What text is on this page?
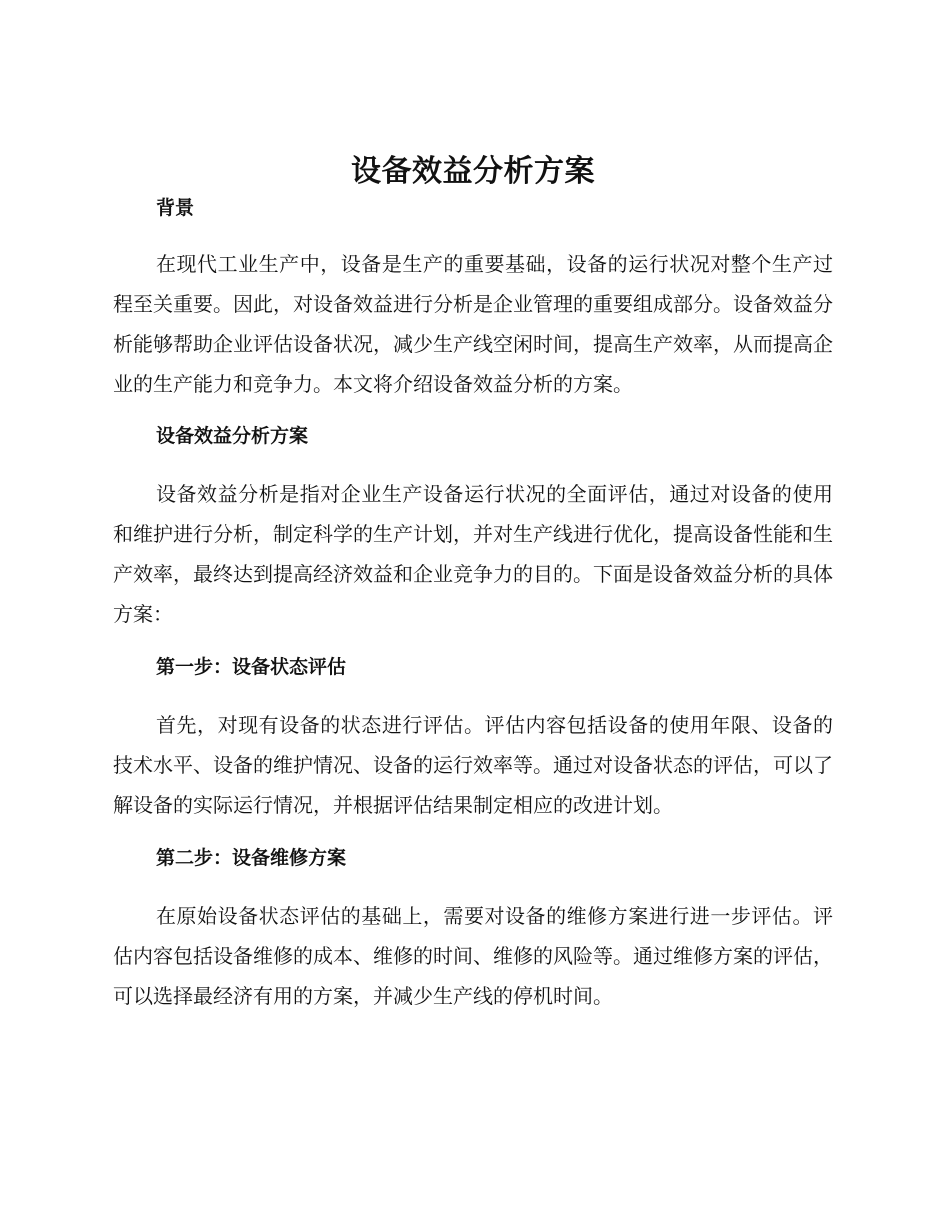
设备效益分析方案
背景

在现代工业生产中，设备是生产的重要基础，设备的运行状况对整个生产过程至关重要。因此，对设备效益进行分析是企业管理的重要组成部分。设备效益分析能够帮助企业评估设备状况，减少生产线空闲时间，提高生产效率，从而提高企业的生产能力和竞争力。本文将介绍设备效益分析的方案。

设备效益分析方案

设备效益分析是指对企业生产设备运行状况的全面评估，通过对设备的使用和维护进行分析，制定科学的生产计划，并对生产线进行优化，提高设备性能和生产效率，最终达到提高经济效益和企业竞争力的目的。下面是设备效益分析的具体方案：

第一步：设备状态评估

首先，对现有设备的状态进行评估。评估内容包括设备的使用年限、设备的技术水平、设备的维护情况、设备的运行效率等。通过对设备状态的评估，可以了解设备的实际运行情况，并根据评估结果制定相应的改进计划。

第二步：设备维修方案

在原始设备状态评估的基础上，需要对设备的维修方案进行进一步评估。评估内容包括设备维修的成本、维修的时间、维修的风险等。通过维修方案的评估，可以选择最经济有用的方案，并减少生产线的停机时间。
